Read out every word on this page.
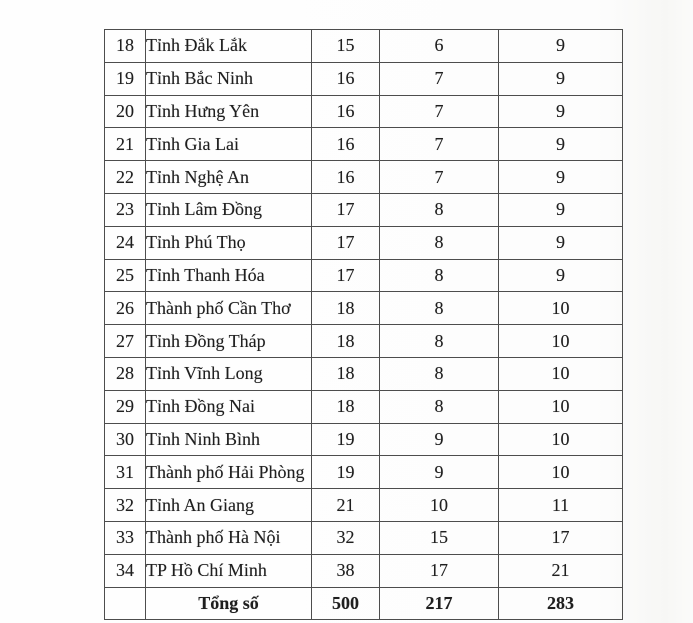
18	Tỉnh Đắk Lắk	15	6	9
19	Tỉnh Bắc Ninh	16	7	9
20	Tỉnh Hưng Yên	16	7	9
21	Tỉnh Gia Lai	16	7	9
22	Tỉnh Nghệ An	16	7	9
23	Tỉnh Lâm Đồng	17	8	9
24	Tỉnh Phú Thọ	17	8	9
25	Tỉnh Thanh Hóa	17	8	9
26	Thành phố Cần Thơ	18	8	10
27	Tỉnh Đồng Tháp	18	8	10
28	Tỉnh Vĩnh Long	18	8	10
29	Tỉnh Đồng Nai	18	8	10
30	Tỉnh Ninh Bình	19	9	10
31	Thành phố Hải Phòng	19	9	10
32	Tỉnh An Giang	21	10	11
33	Thành phố Hà Nội	32	15	17
34	TP Hồ Chí Minh	38	17	21
	Tổng số	500	217	283
